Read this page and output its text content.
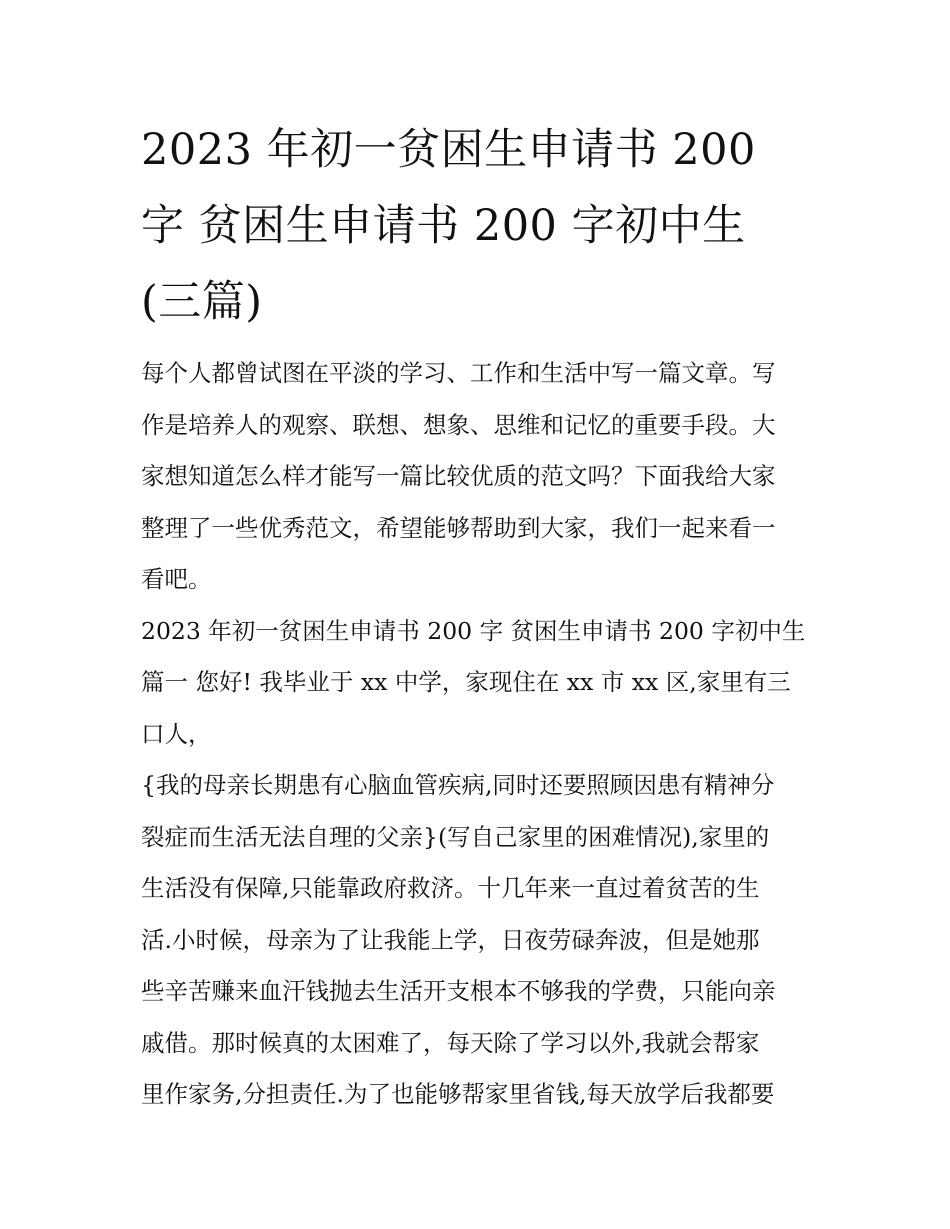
2023 年初一贫困生申请书 200
字 贫困生申请书 200 字初中生
(三篇)
每个人都曾试图在平淡的学习、工作和生活中写一篇文章。写
作是培养人的观察、联想、想象、思维和记忆的重要手段。大
家想知道怎么样才能写一篇比较优质的范文吗？下面我给大家
整理了一些优秀范文，希望能够帮助到大家，我们一起来看一
看吧。
2023 年初一贫困生申请书 200 字 贫困生申请书 200 字初中生
篇一 您好! 我毕业于 xx 中学，家现住在 xx 市 xx 区,家里有三
口人，
{我的母亲长期患有心脑血管疾病,同时还要照顾因患有精神分
裂症而生活无法自理的父亲}(写自己家里的困难情况),家里的
生活没有保障,只能靠政府救济。十几年来一直过着贫苦的生
活.小时候，母亲为了让我能上学，日夜劳碌奔波，但是她那
些辛苦赚来血汗钱抛去生活开支根本不够我的学费，只能向亲
戚借。那时候真的太困难了，每天除了学习以外,我就会帮家
里作家务,分担责任.为了也能够帮家里省钱,每天放学后我都要
